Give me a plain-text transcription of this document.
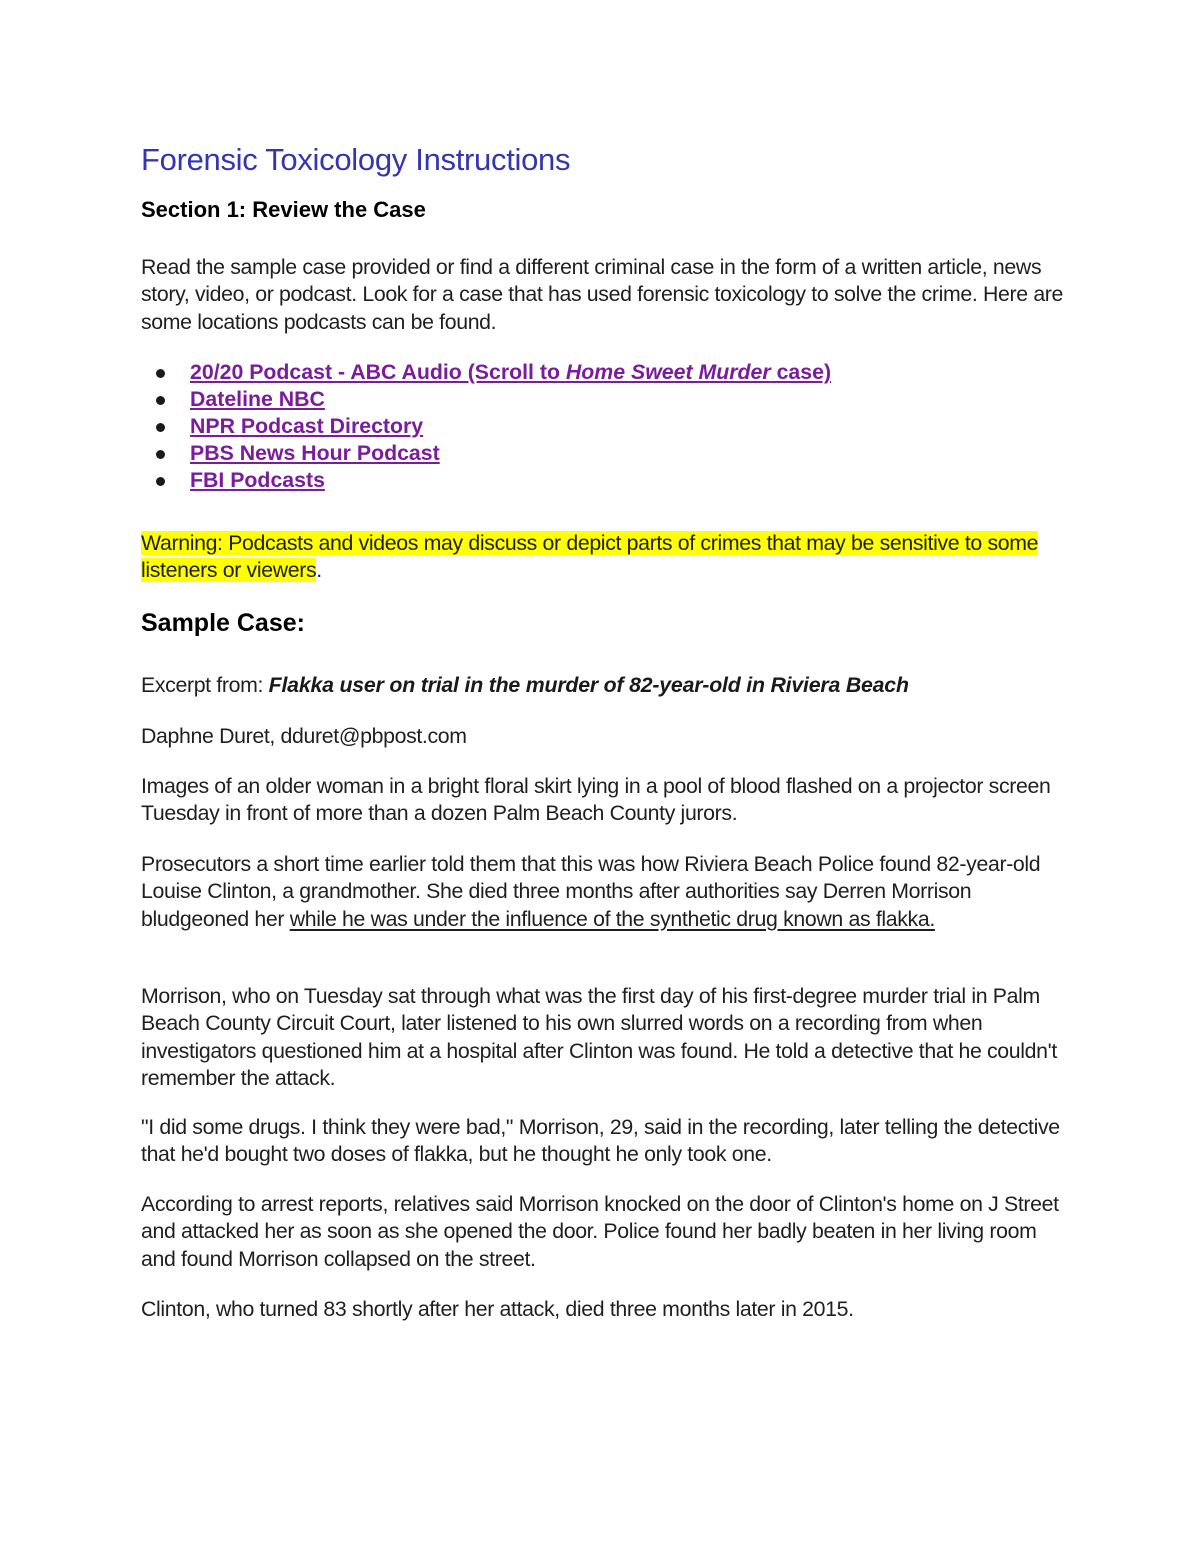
Forensic Toxicology Instructions
Section 1: Review the Case

Read the sample case provided or find a different criminal case in the form of a written article, news story, video, or podcast. Look for a case that has used forensic toxicology to solve the crime. Here are some locations podcasts can be found.

20/20 Podcast - ABC Audio (Scroll to Home Sweet Murder case)
Dateline NBC
NPR Podcast Directory
PBS News Hour Podcast
FBI Podcasts

Warning: Podcasts and videos may discuss or depict parts of crimes that may be sensitive to some listeners or viewers.

Sample Case:

Excerpt from: Flakka user on trial in the murder of 82-year-old in Riviera Beach

Daphne Duret, dduret@pbpost.com

Images of an older woman in a bright floral skirt lying in a pool of blood flashed on a projector screen Tuesday in front of more than a dozen Palm Beach County jurors.

Prosecutors a short time earlier told them that this was how Riviera Beach Police found 82-year-old Louise Clinton, a grandmother. She died three months after authorities say Derren Morrison bludgeoned her while he was under the influence of the synthetic drug known as flakka.

Morrison, who on Tuesday sat through what was the first day of his first-degree murder trial in Palm Beach County Circuit Court, later listened to his own slurred words on a recording from when investigators questioned him at a hospital after Clinton was found. He told a detective that he couldn't remember the attack.

"I did some drugs. I think they were bad," Morrison, 29, said in the recording, later telling the detective that he'd bought two doses of flakka, but he thought he only took one.

According to arrest reports, relatives said Morrison knocked on the door of Clinton's home on J Street and attacked her as soon as she opened the door. Police found her badly beaten in her living room and found Morrison collapsed on the street.

Clinton, who turned 83 shortly after her attack, died three months later in 2015.
